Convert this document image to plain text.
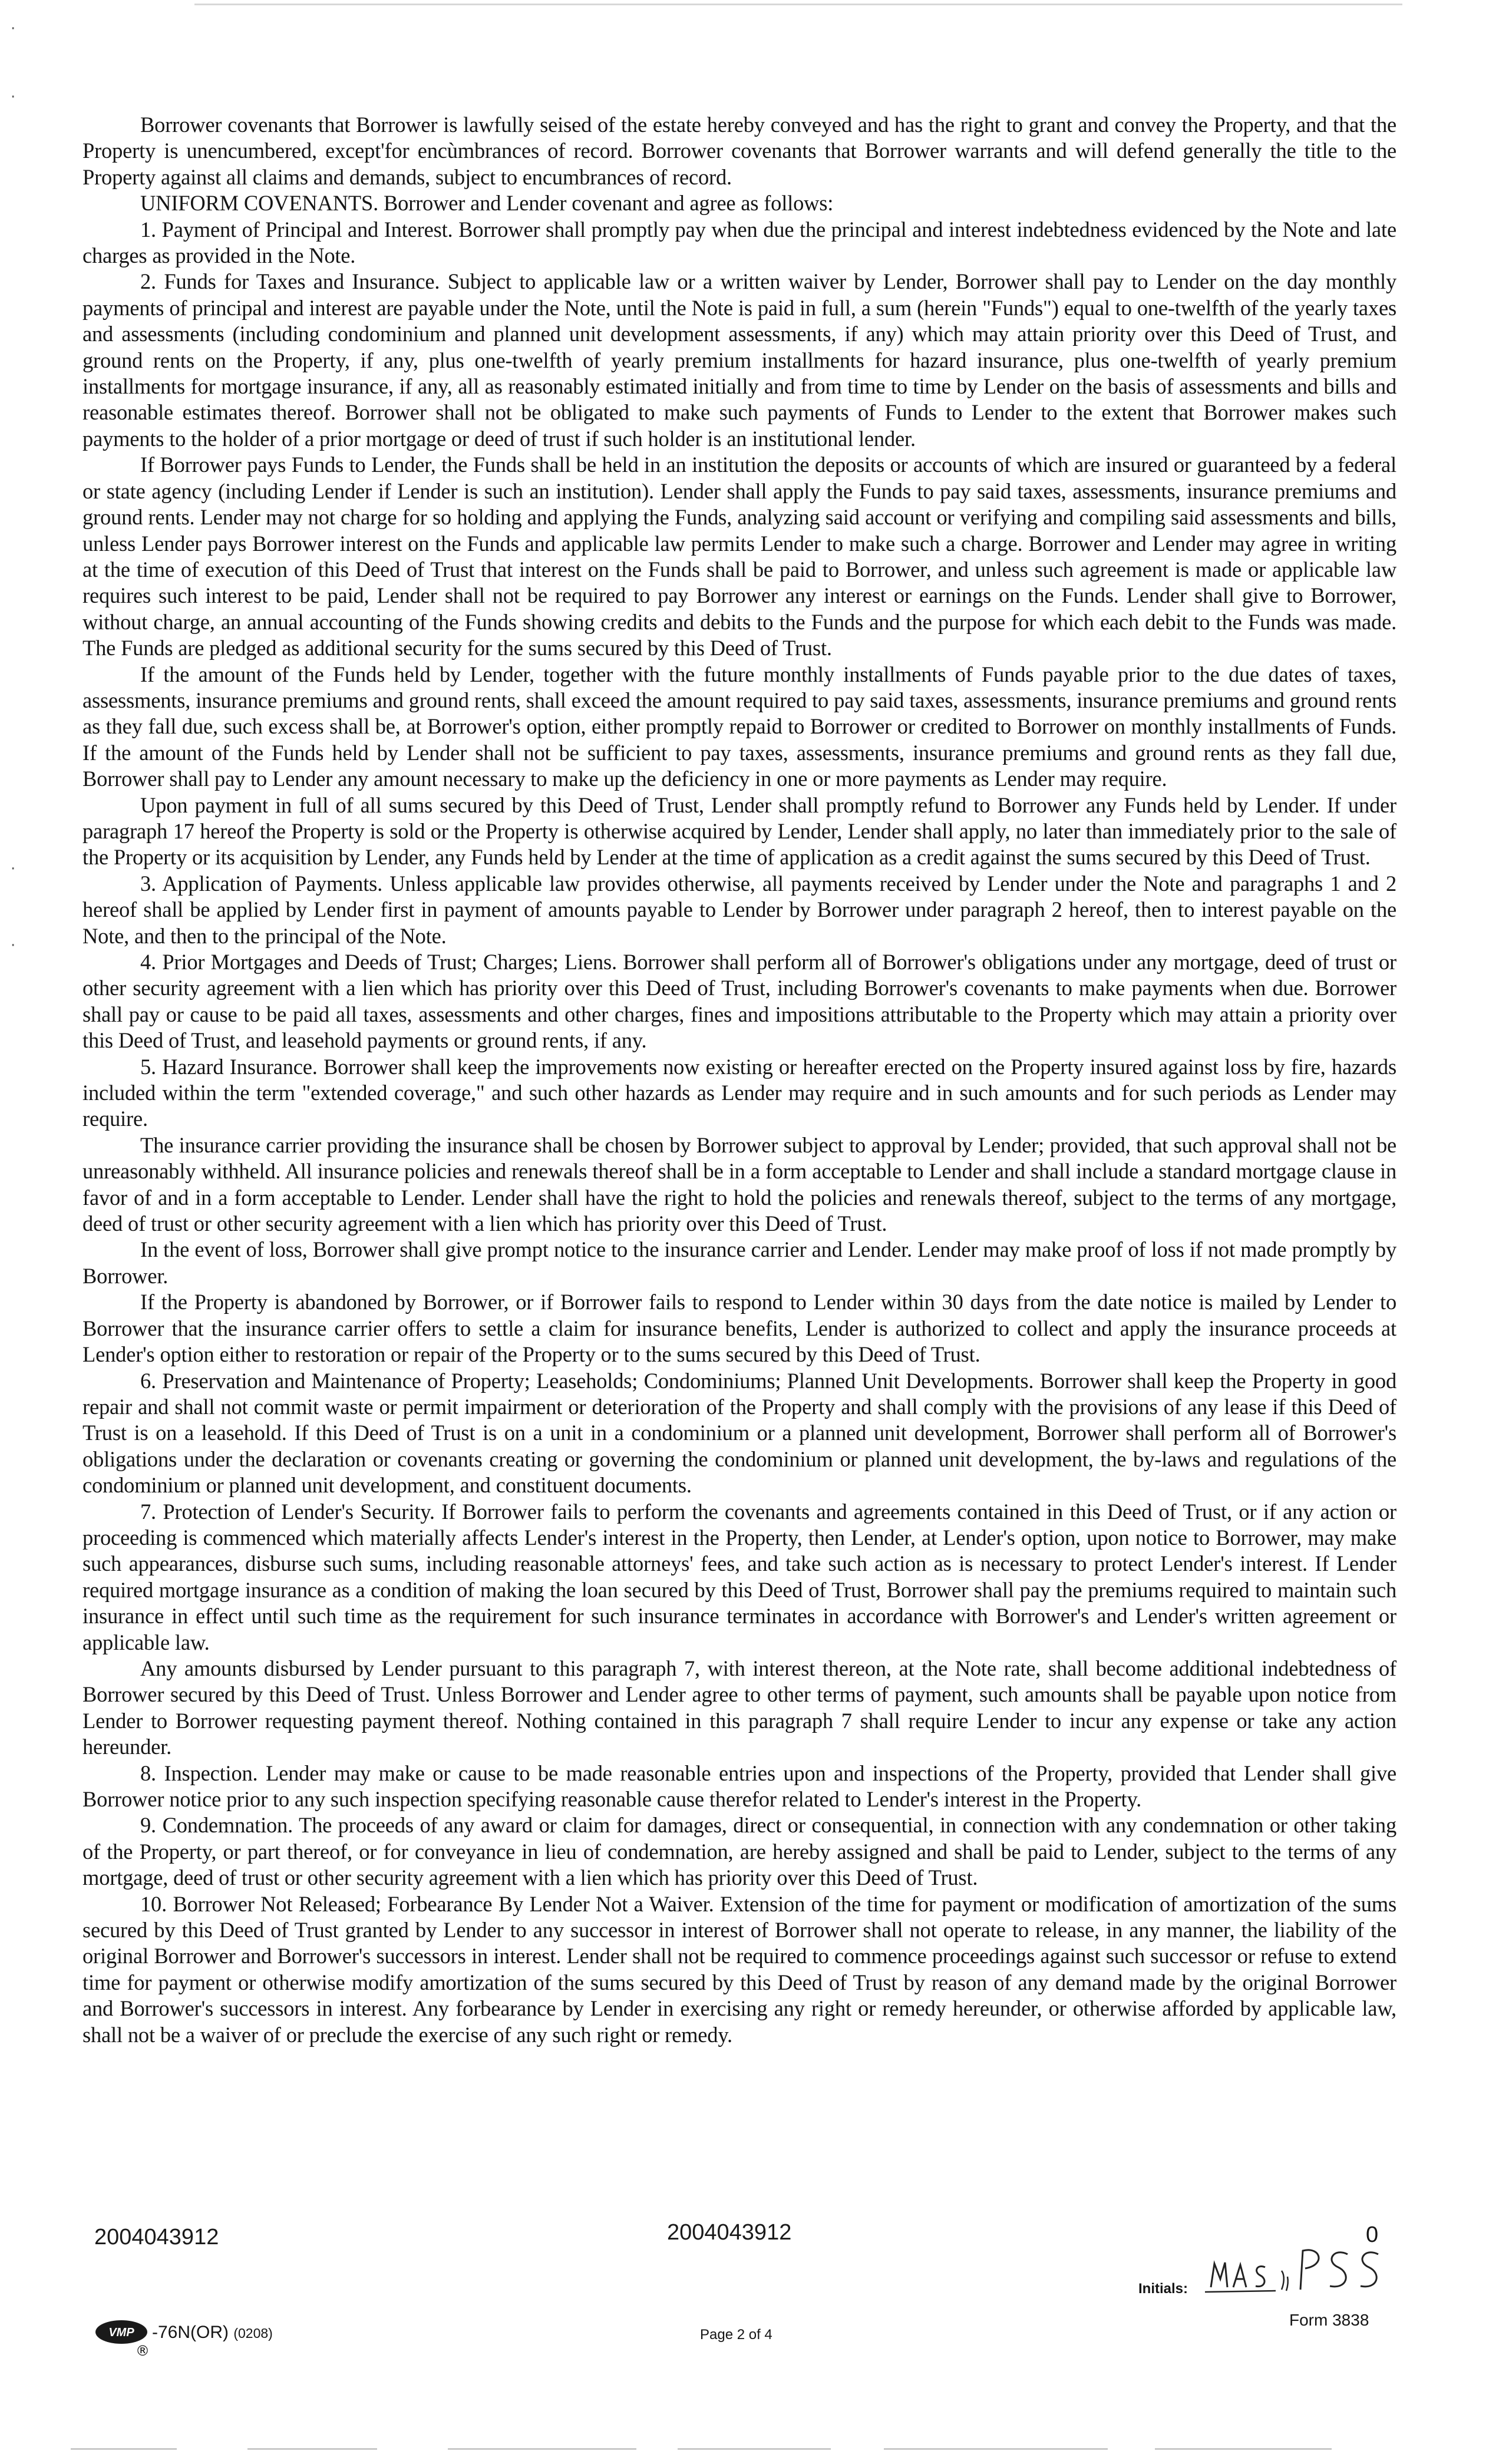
·
·
·
·

Borrower covenants that Borrower is lawfully seised of the estate hereby conveyed and has the right to grant and convey the Property, and that the Property is unencumbered, except'for encùmbrances of record. Borrower covenants that Borrower warrants and will defend generally the title to the Property against all claims and demands, subject to encumbrances of record.

UNIFORM COVENANTS. Borrower and Lender covenant and agree as follows:

1. Payment of Principal and Interest. Borrower shall promptly pay when due the principal and interest indebtedness evidenced by the Note and late charges as provided in the Note.

2. Funds for Taxes and Insurance. Subject to applicable law or a written waiver by Lender, Borrower shall pay to Lender on the day monthly payments of principal and interest are payable under the Note, until the Note is paid in full, a sum (herein "Funds") equal to one-twelfth of the yearly taxes and assessments (including condominium and planned unit development assessments, if any) which may attain priority over this Deed of Trust, and ground rents on the Property, if any, plus one-twelfth of yearly premium installments for hazard insurance, plus one-twelfth of yearly premium installments for mortgage insurance, if any, all as reasonably estimated initially and from time to time by Lender on the basis of assessments and bills and reasonable estimates thereof. Borrower shall not be obligated to make such payments of Funds to Lender to the extent that Borrower makes such payments to the holder of a prior mortgage or deed of trust if such holder is an institutional lender.

If Borrower pays Funds to Lender, the Funds shall be held in an institution the deposits or accounts of which are insured or guaranteed by a federal or state agency (including Lender if Lender is such an institution). Lender shall apply the Funds to pay said taxes, assessments, insurance premiums and ground rents. Lender may not charge for so holding and applying the Funds, analyzing said account or verifying and compiling said assessments and bills, unless Lender pays Borrower interest on the Funds and applicable law permits Lender to make such a charge. Borrower and Lender may agree in writing at the time of execution of this Deed of Trust that interest on the Funds shall be paid to Borrower, and unless such agreement is made or applicable law requires such interest to be paid, Lender shall not be required to pay Borrower any interest or earnings on the Funds. Lender shall give to Borrower, without charge, an annual accounting of the Funds showing credits and debits to the Funds and the purpose for which each debit to the Funds was made. The Funds are pledged as additional security for the sums secured by this Deed of Trust.

If the amount of the Funds held by Lender, together with the future monthly installments of Funds payable prior to the due dates of taxes, assessments, insurance premiums and ground rents, shall exceed the amount required to pay said taxes, assessments, insurance premiums and ground rents as they fall due, such excess shall be, at Borrower's option, either promptly repaid to Borrower or credited to Borrower on monthly installments of Funds. If the amount of the Funds held by Lender shall not be sufficient to pay taxes, assessments, insurance premiums and ground rents as they fall due, Borrower shall pay to Lender any amount necessary to make up the deficiency in one or more payments as Lender may require.

Upon payment in full of all sums secured by this Deed of Trust, Lender shall promptly refund to Borrower any Funds held by Lender. If under paragraph 17 hereof the Property is sold or the Property is otherwise acquired by Lender, Lender shall apply, no later than immediately prior to the sale of the Property or its acquisition by Lender, any Funds held by Lender at the time of application as a credit against the sums secured by this Deed of Trust.

3. Application of Payments. Unless applicable law provides otherwise, all payments received by Lender under the Note and paragraphs 1 and 2 hereof shall be applied by Lender first in payment of amounts payable to Lender by Borrower under paragraph 2 hereof, then to interest payable on the Note, and then to the principal of the Note.

4. Prior Mortgages and Deeds of Trust; Charges; Liens. Borrower shall perform all of Borrower's obligations under any mortgage, deed of trust or other security agreement with a lien which has priority over this Deed of Trust, including Borrower's covenants to make payments when due. Borrower shall pay or cause to be paid all taxes, assessments and other charges, fines and impositions attributable to the Property which may attain a priority over this Deed of Trust, and leasehold payments or ground rents, if any.

5. Hazard Insurance. Borrower shall keep the improvements now existing or hereafter erected on the Property insured against loss by fire, hazards included within the term "extended coverage," and such other hazards as Lender may require and in such amounts and for such periods as Lender may require.

The insurance carrier providing the insurance shall be chosen by Borrower subject to approval by Lender; provided, that such approval shall not be unreasonably withheld. All insurance policies and renewals thereof shall be in a form acceptable to Lender and shall include a standard mortgage clause in favor of and in a form acceptable to Lender. Lender shall have the right to hold the policies and renewals thereof, subject to the terms of any mortgage, deed of trust or other security agreement with a lien which has priority over this Deed of Trust.

In the event of loss, Borrower shall give prompt notice to the insurance carrier and Lender. Lender may make proof of loss if not made promptly by Borrower.

If the Property is abandoned by Borrower, or if Borrower fails to respond to Lender within 30 days from the date notice is mailed by Lender to Borrower that the insurance carrier offers to settle a claim for insurance benefits, Lender is authorized to collect and apply the insurance proceeds at Lender's option either to restoration or repair of the Property or to the sums secured by this Deed of Trust.

6. Preservation and Maintenance of Property; Leaseholds; Condominiums; Planned Unit Developments. Borrower shall keep the Property in good repair and shall not commit waste or permit impairment or deterioration of the Property and shall comply with the provisions of any lease if this Deed of Trust is on a leasehold. If this Deed of Trust is on a unit in a condominium or a planned unit development, Borrower shall perform all of Borrower's obligations under the declaration or covenants creating or governing the condominium or planned unit development, the by-laws and regulations of the condominium or planned unit development, and constituent documents.

7. Protection of Lender's Security. If Borrower fails to perform the covenants and agreements contained in this Deed of Trust, or if any action or proceeding is commenced which materially affects Lender's interest in the Property, then Lender, at Lender's option, upon notice to Borrower, may make such appearances, disburse such sums, including reasonable attorneys' fees, and take such action as is necessary to protect Lender's interest. If Lender required mortgage insurance as a condition of making the loan secured by this Deed of Trust, Borrower shall pay the premiums required to maintain such insurance in effect until such time as the requirement for such insurance terminates in accordance with Borrower's and Lender's written agreement or applicable law.

Any amounts disbursed by Lender pursuant to this paragraph 7, with interest thereon, at the Note rate, shall become additional indebtedness of Borrower secured by this Deed of Trust. Unless Borrower and Lender agree to other terms of payment, such amounts shall be payable upon notice from Lender to Borrower requesting payment thereof. Nothing contained in this paragraph 7 shall require Lender to incur any expense or take any action hereunder.

8. Inspection. Lender may make or cause to be made reasonable entries upon and inspections of the Property, provided that Lender shall give Borrower notice prior to any such inspection specifying reasonable cause therefor related to Lender's interest in the Property.

9. Condemnation. The proceeds of any award or claim for damages, direct or consequential, in connection with any condemnation or other taking of the Property, or part thereof, or for conveyance in lieu of condemnation, are hereby assigned and shall be paid to Lender, subject to the terms of any mortgage, deed of trust or other security agreement with a lien which has priority over this Deed of Trust.

10. Borrower Not Released; Forbearance By Lender Not a Waiver. Extension of the time for payment or modification of amortization of the sums secured by this Deed of Trust granted by Lender to any successor in interest of Borrower shall not operate to release, in any manner, the liability of the original Borrower and Borrower's successors in interest. Lender shall not be required to commence proceedings against such successor or refuse to extend time for payment or otherwise modify amortization of the sums secured by this Deed of Trust by reason of any demand made by the original Borrower and Borrower's successors in interest. Any forbearance by Lender in exercising any right or remedy hereunder, or otherwise afforded by applicable law, shall not be a waiver of or preclude the exercise of any such right or remedy.

2004043912	2004043912	0
Initials:
Form 3838
VMP -76N(OR) (0208)
®
Page 2 of 4
